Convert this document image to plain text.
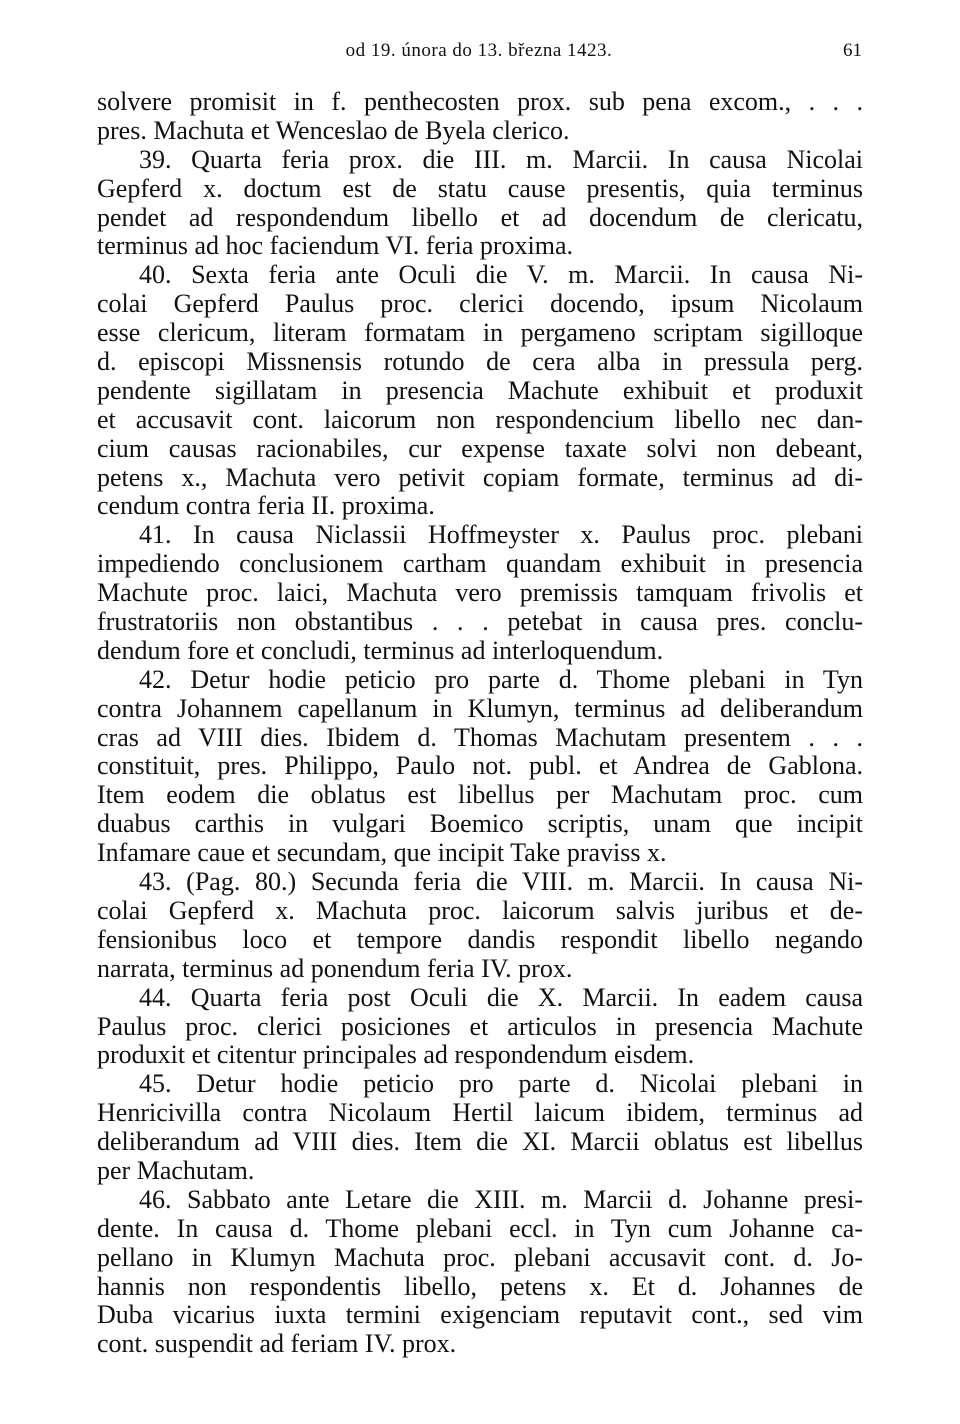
od 19. února do 13. března 1423.	61
solvere promisit in f. penthecosten prox. sub pena excom., . . .
pres. Machuta et Wenceslao de Byela clerico.
39. Quarta feria prox. die III. m. Marcii. In causa Nicolai
Gepferd x. doctum est de statu cause presentis, quia terminus
pendet ad respondendum libello et ad docendum de clericatu,
terminus ad hoc faciendum VI. feria proxima.
40. Sexta feria ante Oculi die V. m. Marcii. In causa Ni-
colai Gepferd Paulus proc. clerici docendo, ipsum Nicolaum
esse clericum, literam formatam in pergameno scriptam sigilloque
d. episcopi Missnensis rotundo de cera alba in pressula perg.
pendente sigillatam in presencia Machute exhibuit et produxit
et accusavit cont. laicorum non respondencium libello nec dan-
cium causas racionabiles, cur expense taxate solvi non debeant,
petens x., Machuta vero petivit copiam formate, terminus ad di-
cendum contra feria II. proxima.
41. In causa Niclassii Hoffmeyster x. Paulus proc. plebani
impediendo conclusionem cartham quandam exhibuit in presencia
Machute proc. laici, Machuta vero premissis tamquam frivolis et
frustratoriis non obstantibus . . . petebat in causa pres. conclu-
dendum fore et concludi, terminus ad interloquendum.
42. Detur hodie peticio pro parte d. Thome plebani in Tyn
contra Johannem capellanum in Klumyn, terminus ad deliberandum
cras ad VIII dies. Ibidem d. Thomas Machutam presentem . . .
constituit, pres. Philippo, Paulo not. publ. et Andrea de Gablona.
Item eodem die oblatus est libellus per Machutam proc. cum
duabus carthis in vulgari Boemico scriptis, unam que incipit
Infamare caue et secundam, que incipit Take praviss x.
43. (Pag. 80.) Secunda feria die VIII. m. Marcii. In causa Ni-
colai Gepferd x. Machuta proc. laicorum salvis juribus et de-
fensionibus loco et tempore dandis respondit libello negando
narrata, terminus ad ponendum feria IV. prox.
44. Quarta feria post Oculi die X. Marcii. In eadem causa
Paulus proc. clerici posiciones et articulos in presencia Machute
produxit et citentur principales ad respondendum eisdem.
45. Detur hodie peticio pro parte d. Nicolai plebani in
Henricivilla contra Nicolaum Hertil laicum ibidem, terminus ad
deliberandum ad VIII dies. Item die XI. Marcii oblatus est libellus
per Machutam.
46. Sabbato ante Letare die XIII. m. Marcii d. Johanne presi-
dente. In causa d. Thome plebani eccl. in Tyn cum Johanne ca-
pellano in Klumyn Machuta proc. plebani accusavit cont. d. Jo-
hannis non respondentis libello, petens x. Et d. Johannes de
Duba vicarius iuxta termini exigenciam reputavit cont., sed vim
cont. suspendit ad feriam IV. prox.
